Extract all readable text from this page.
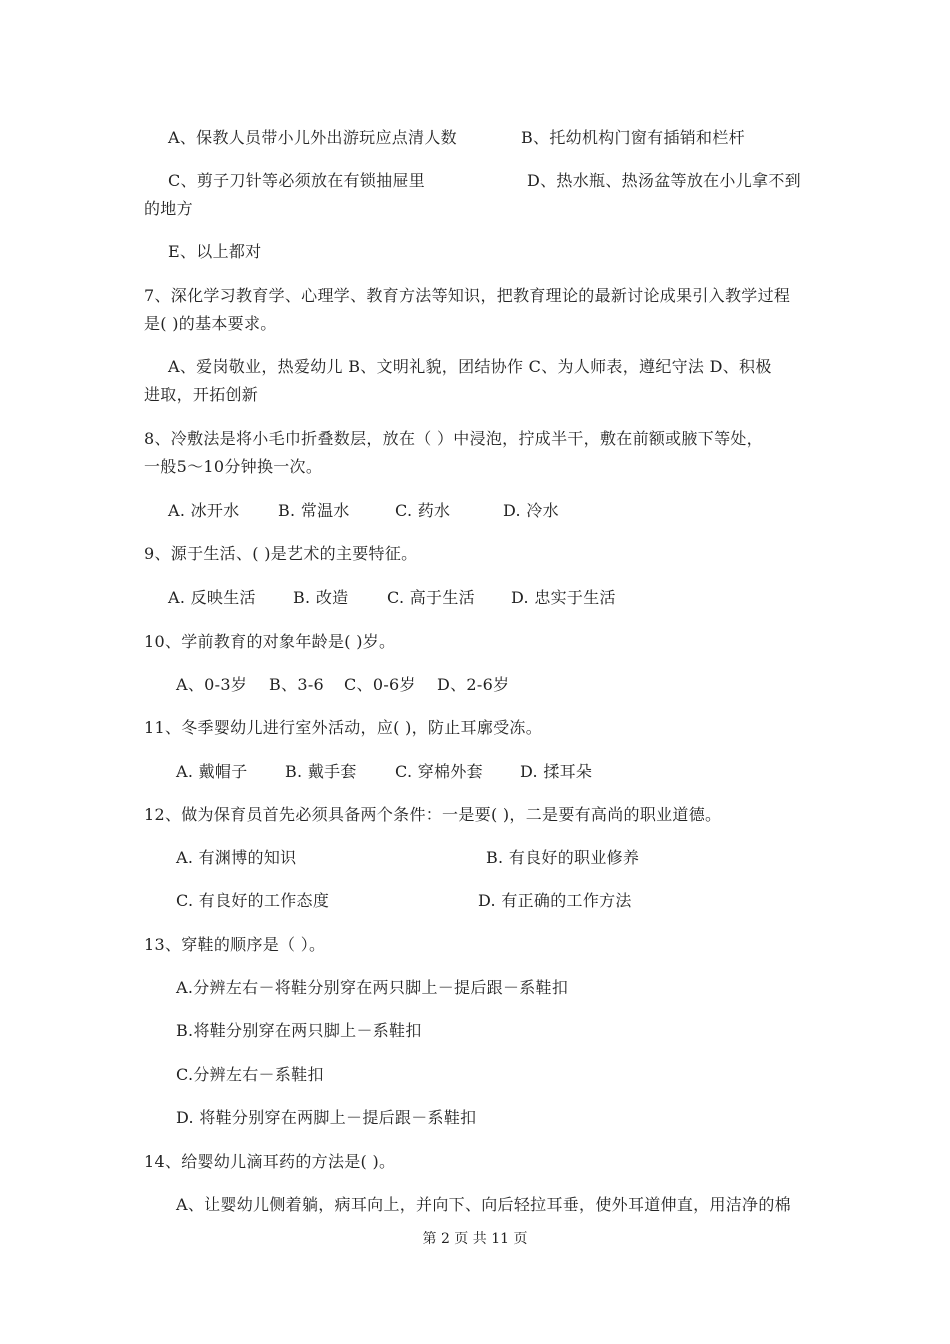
A、保教人员带小儿外出游玩应点清人数	B、托幼机构门窗有插销和栏杆
C、剪子刀针等必须放在有锁抽屉里	D、热水瓶、热汤盆等放在小儿拿不到
的地方
E、以上都对
7、深化学习教育学、心理学、教育方法等知识，把教育理论的最新讨论成果引入教学过程
是( )的基本要求。
A、爱岗敬业，热爱幼儿 B、文明礼貌，团结协作 C、为人师表，遵纪守法 D、积极
进取，开拓创新
8、冷敷法是将小毛巾折叠数层，放在（ ）中浸泡，拧成半干，敷在前额或腋下等处，
一般5～10分钟换一次。
A. 冰开水 B. 常温水	C. 药水	D. 冷水
9、源于生活、( )是艺术的主要特征。
A. 反映生活 B. 改造 C. 高于生活 D. 忠实于生活
10、学前教育的对象年龄是( )岁。
A、0-3岁 B、3-6 C、0-6岁 D、2-6岁
11、冬季婴幼儿进行室外活动，应( )，防止耳廓受冻。
A. 戴帽子 B. 戴手套 C. 穿棉外套 D. 揉耳朵
12、做为保育员首先必须具备两个条件：一是要( )，二是要有高尚的职业道德。
A. 有渊博的知识	B. 有良好的职业修养
C. 有良好的工作态度	D. 有正确的工作方法
13、穿鞋的顺序是（ ）。
A.分辨左右－将鞋分别穿在两只脚上－提后跟－系鞋扣
B.将鞋分别穿在两只脚上－系鞋扣
C.分辨左右－系鞋扣
D. 将鞋分别穿在两脚上－提后跟－系鞋扣
14、给婴幼儿滴耳药的方法是( )。
A、让婴幼儿侧着躺，病耳向上，并向下、向后轻拉耳垂，使外耳道伸直，用洁净的棉
第 2 页 共 11 页
